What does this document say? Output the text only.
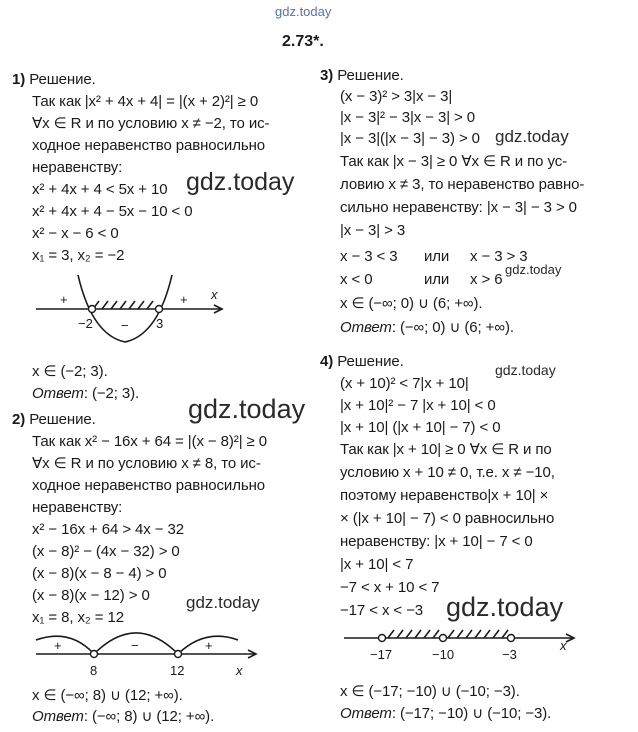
gdz.today
2.73*.
1) Решение.
Так как |x² + 4x + 4| = |(x + 2)²| ≥ 0
∀x ∈ R и по условию x ≠ −2, то ис-
ходное неравенство равносильно
неравенству:
x² + 4x + 4 < 5x + 10
x² + 4x + 4 − 5x − 10 < 0
x² − x − 6 < 0
x₁ = 3, x₂ = −2
+
−
+ x
−2	3
x ∈ (−2; 3).
Ответ: (−2; 3).
2) Решение.
Так как x² − 16x + 64 = |(x − 8)²| ≥ 0
∀x ∈ R и по условию x ≠ 8, то ис-
ходное неравенство равносильно
неравенству:
x² − 16x + 64 > 4x − 32
(x − 8)² − (4x − 32) > 0
(x − 8)(x − 8 − 4) > 0
(x − 8)(x − 12) > 0
x₁ = 8, x₂ = 12
+	−	+
x
8	12
x ∈ (−∞; 8) ∪ (12; +∞).
Ответ: (−∞; 8) ∪ (12; +∞).
3) Решение.
(x − 3)² > 3|x − 3|
|x − 3|² − 3|x − 3| > 0
|x − 3|(|x − 3| − 3) > 0
Так как |x − 3| ≥ 0 ∀x ∈ R и по ус-
ловию x ≠ 3, то неравенство равно-
сильно неравенству: |x − 3| − 3 > 0
|x − 3| > 3
x − 3 < 3 или x − 3 > 3
x < 0	или x > 6
x ∈ (−∞; 0) ∪ (6; +∞).
Ответ: (−∞; 0) ∪ (6; +∞).
4) Решение.
(x + 10)² < 7|x + 10|
|x + 10|² − 7 |x + 10| < 0
|x + 10| (|x + 10| − 7) < 0
Так как |x + 10| ≥ 0 ∀x ∈ R и по
условию x + 10 ≠ 0, т.е. x ≠ −10,
поэтому неравенство|x + 10| ×
× (|x + 10| − 7) < 0 равносильно
неравенству: |x + 10| − 7 < 0
|x + 10| < 7
−7 < x + 10 < 7
−17 < x < −3
−17	−10	−3
x
x ∈ (−17; −10) ∪ (−10; −3).
Ответ: (−17; −10) ∪ (−10; −3).
gdz.today
gdz.today
gdz.today
gdz.today
gdz.today
gdz.today	gdz.today
